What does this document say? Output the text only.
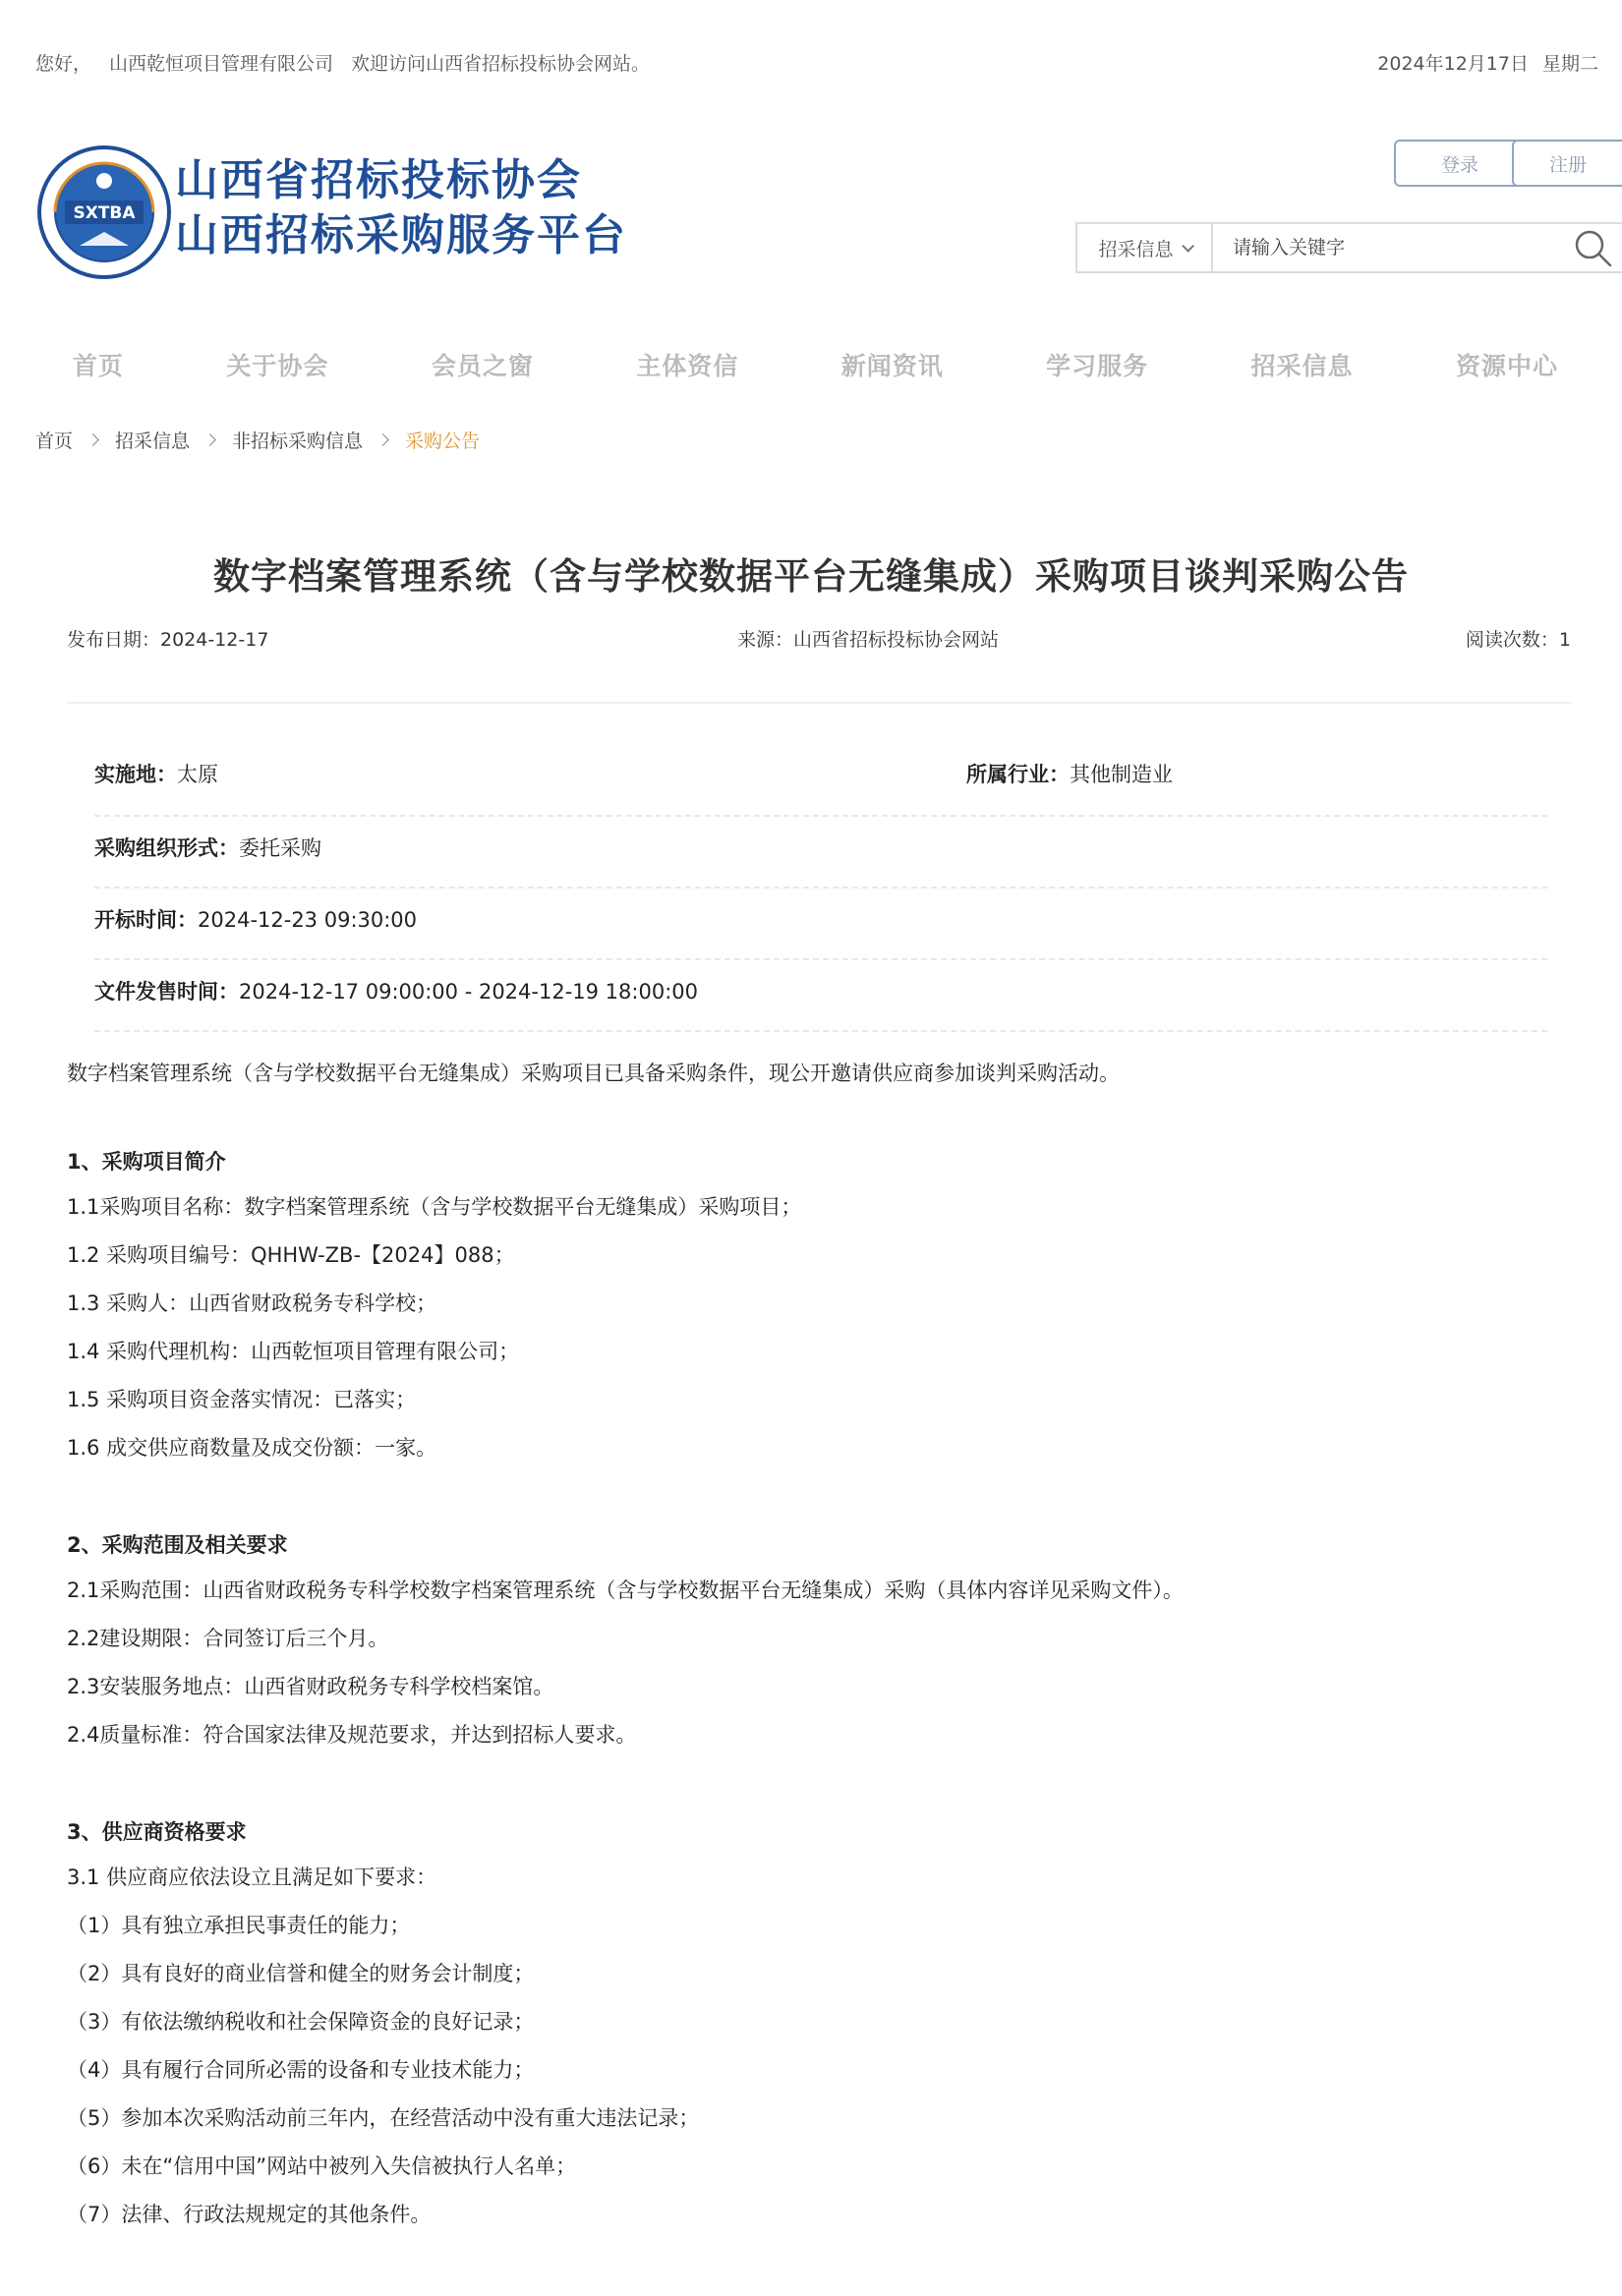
您好， 山西乾恒项目管理有限公司 欢迎访问山西省招标投标协会网站。	2024年12月17日 星期二
SXTBA
山西省招标投标协会
山西招标采购服务平台
登录	注册
招采信息
请输入关键字
首页	关于协会	会员之窗	主体资信	新闻资讯	学习服务	招采信息	资源中心
首页 招采信息 非招标采购信息 采购公告
数字档案管理系统（含与学校数据平台无缝集成）采购项目谈判采购公告
发布日期：2024-12-17	来源：山西省招标投标协会网站	阅读次数：1
实施地：太原	所属行业：其他制造业
采购组织形式：委托采购
开标时间：2024-12-23 09:30:00
文件发售时间：2024-12-17 09:00:00 - 2024-12-19 18:00:00

数字档案管理系统（含与学校数据平台无缝集成）采购项目已具备采购条件，现公开邀请供应商参加谈判采购活动。

1、采购项目简介

1.1采购项目名称：数字档案管理系统（含与学校数据平台无缝集成）采购项目；

1.2 采购项目编号：QHHW-ZB-【2024】088；

1.3 采购人：山西省财政税务专科学校；

1.4 采购代理机构：山西乾恒项目管理有限公司；

1.5 采购项目资金落实情况：已落实；

1.6 成交供应商数量及成交份额：一家。

2、采购范围及相关要求

2.1采购范围：山西省财政税务专科学校数字档案管理系统（含与学校数据平台无缝集成）采购（具体内容详见采购文件）。

2.2建设期限：合同签订后三个月。

2.3安装服务地点：山西省财政税务专科学校档案馆。

2.4质量标准：符合国家法律及规范要求，并达到招标人要求。

3、供应商资格要求

3.1 供应商应依法设立且满足如下要求：

（1）具有独立承担民事责任的能力；

（2）具有良好的商业信誉和健全的财务会计制度；

（3）有依法缴纳税收和社会保障资金的良好记录；

（4）具有履行合同所必需的设备和专业技术能力；

（5）参加本次采购活动前三年内，在经营活动中没有重大违法记录；

（6）未在“信用中国”网站中被列入失信被执行人名单；

（7）法律、行政法规规定的其他条件。
